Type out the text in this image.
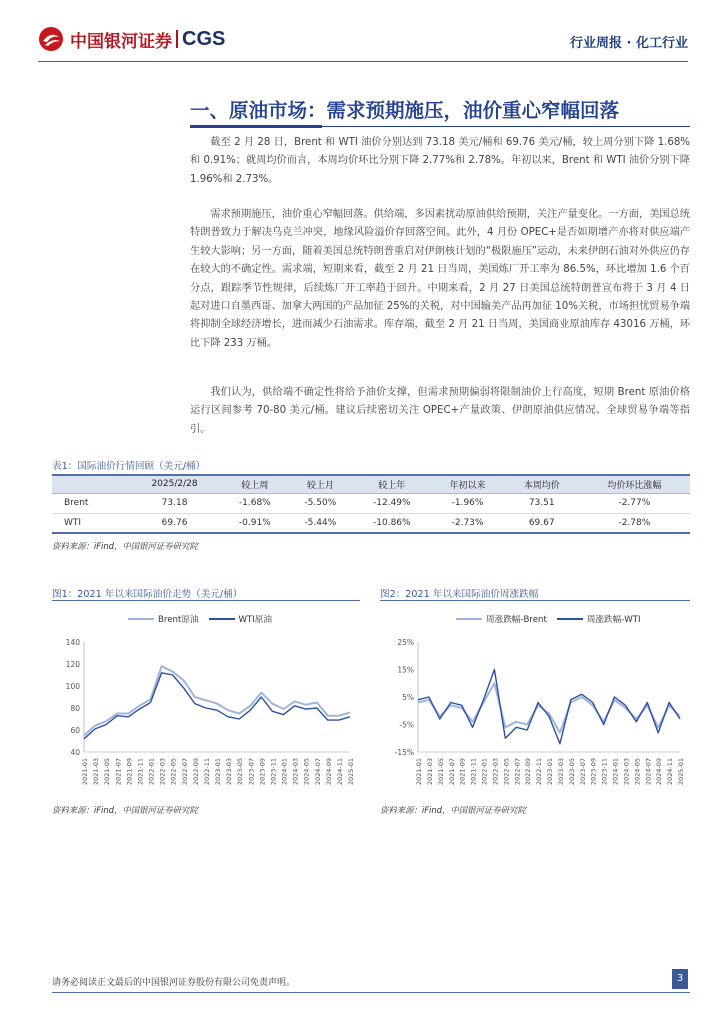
中国银河证券 CGS	行业周报 · 化工行业
一、原油市场：需求预期施压，油价重心窄幅回落

截至 2 月 28 日，Brent 和 WTI 油价分别达到 73.18 美元/桶和 69.76 美元/桶，较上周分别下降 1.68%和 0.91%；就周均价而言，本周均价环比分别下降 2.77%和 2.78%。年初以来，Brent 和 WTI 油价分别下降 1.96%和 2.73%。

需求预期施压，油价重心窄幅回落。供给端，多因素扰动原油供给预期，关注产量变化。一方面，美国总统特朗普致力于解决乌克兰冲突，地缘风险溢价存回落空间。此外，4 月份 OPEC+是否如期增产亦将对供应端产生较大影响；另一方面，随着美国总统特朗普重启对伊朗核计划的“极限施压”运动，未来伊朗石油对外供应仍存在较大的不确定性。需求端，短期来看，截至 2 月 21 日当周，美国炼厂开工率为 86.5%，环比增加 1.6 个百分点，跟踪季节性规律，后续炼厂开工率趋于回升。中期来看，2 月 27 日美国总统特朗普宣布将于 3 月 4 日起对进口自墨西哥、加拿大两国的产品加征 25%的关税，对中国输美产品再加征 10%关税，市场担忧贸易争端将抑制全球经济增长，进而减少石油需求。库存端，截至 2 月 21 日当周，美国商业原油库存 43016 万桶，环比下降 233 万桶。

我们认为，供给端不确定性将给予油价支撑，但需求预期偏弱将限制油价上行高度，短期 Brent 原油价格运行区间参考 70-80 美元/桶。建议后续密切关注 OPEC+产量政策、伊朗原油供应情况、全球贸易争端等指引。

表1：国际油价行情回顾（美元/桶）
	2025/2/28	较上周	较上月	较上年	年初以来	本周均价	均价环比涨幅
Brent	73.18	-1.68%	-5.50%	-12.49%	-1.96%	73.51	-2.77%
WTI	69.76	-0.91%	-5.44%	-10.86%	-2.73%	69.67	-2.78%
资料来源：iFind，中国银河证券研究院
图1：2021 年以来国际油价走势（美元/桶）
Brent原油	WTI原油
40
60
80
100
120
140
2021-01 2021-03 2021-05 2021-07 2021-09 2021-11 2022-01 2022-03 2022-05 2022-07 2022-09 2022-11 2023-01 2023-03 2023-05 2023-07 2023-09 2023-11 2024-01 2024-03 2024-05 2024-07 2024-09 2024-11 2025-01
资料来源：iFind，中国银河证券研究院
图2：2021 年以来国际油价周涨跌幅
周涨跌幅-Brent	周涨跌幅-WTI
-15%
-5%
5%
15%
25%
2021-01 2021-03 2021-05 2021-07 2021-09 2021-11 2022-01 2022-03 2022-05 2022-07 2022-09 2022-11 2023-01 2023-03 2023-05 2023-07 2023-09 2023-11 2024-01 2024-03 2024-05 2024-07 2024-09 2024-11 2025-01
资料来源：iFind，中国银河证券研究院
请务必阅读正文最后的中国银河证券股份有限公司免责声明。	3
